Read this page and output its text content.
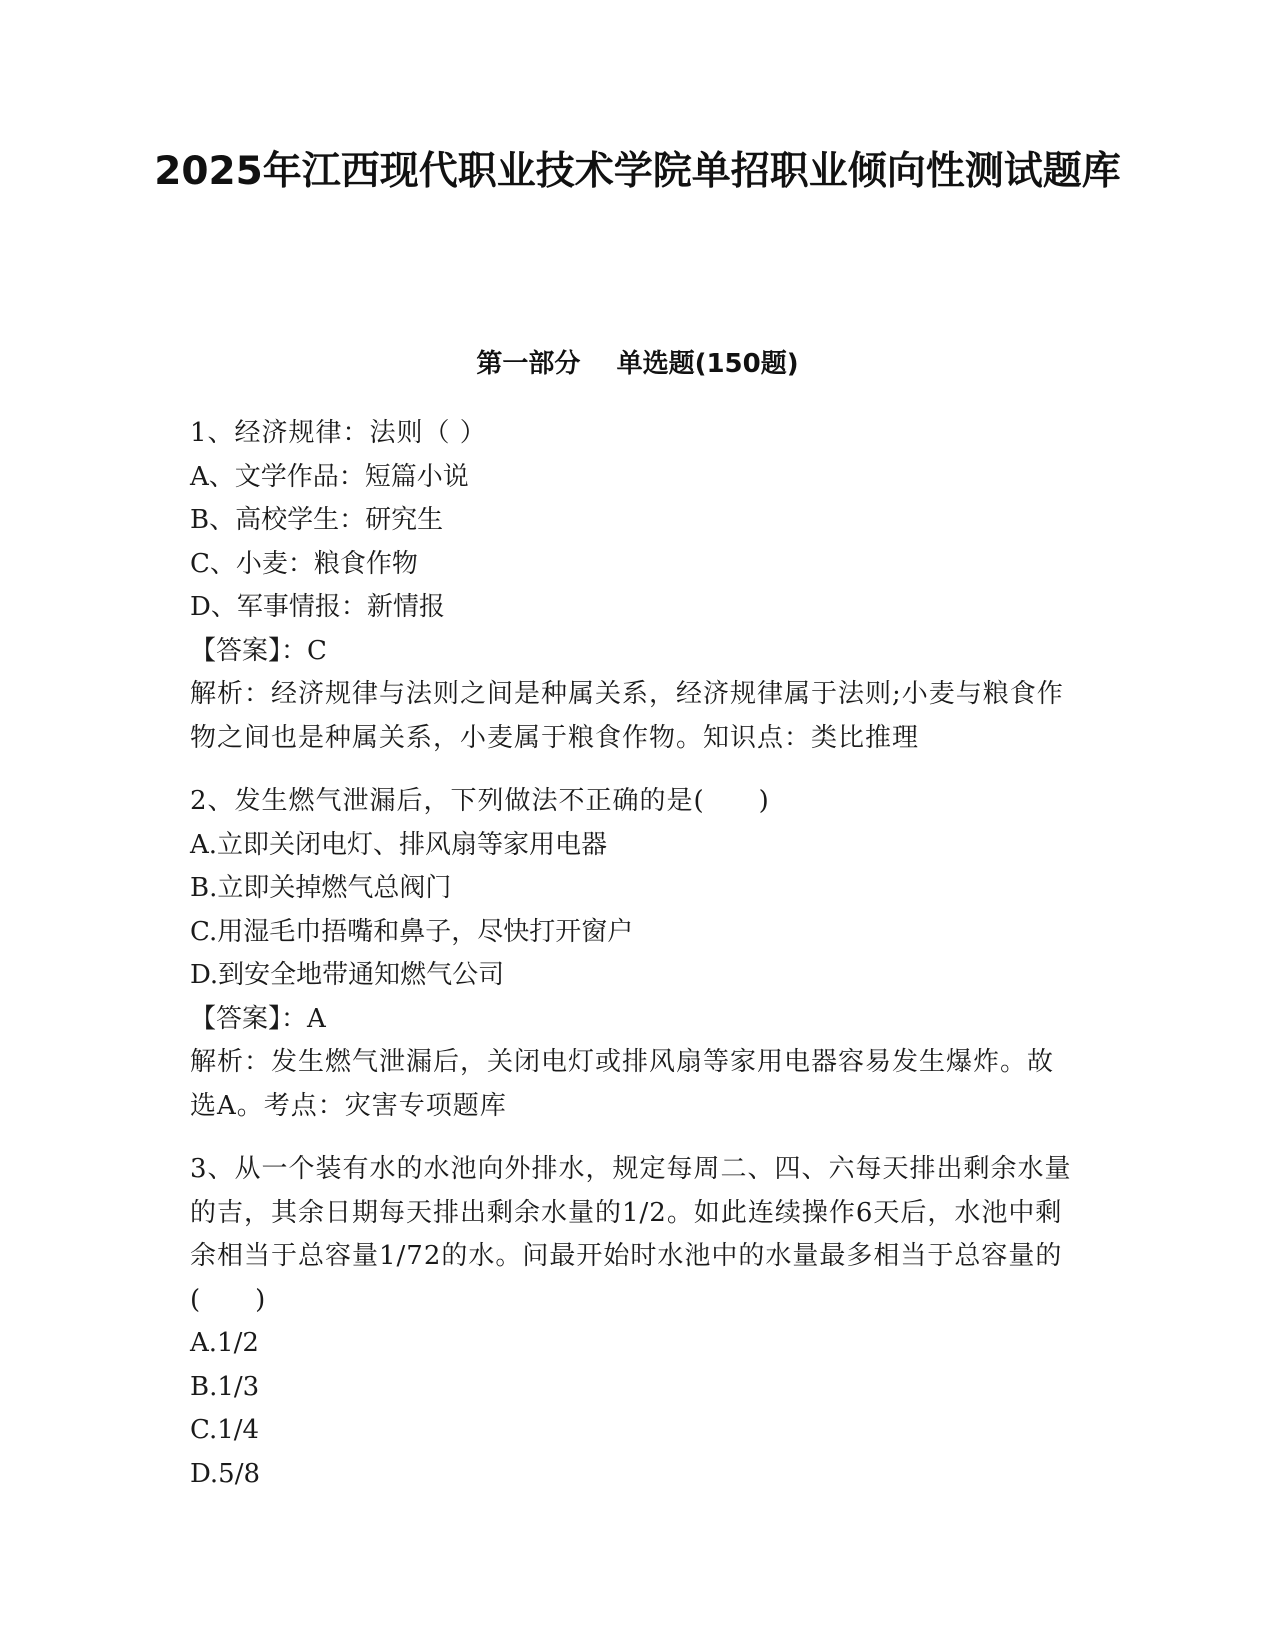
2025年江西现代职业技术学院单招职业倾向性测试题库
第一部分    单选题(150题)

1、经济规律：法则（ ）

A、文学作品：短篇小说

B、高校学生：研究生

C、小麦：粮食作物

D、军事情报：新情报

【答案】：C

解析：经济规律与法则之间是种属关系，经济规律属于法则;小麦与粮食作物之间也是种属关系，小麦属于粮食作物。知识点：类比推理

2、发生燃气泄漏后，下列做法不正确的是(　　)

A.立即关闭电灯、排风扇等家用电器

B.立即关掉燃气总阀门

C.用湿毛巾捂嘴和鼻子，尽快打开窗户

D.到安全地带通知燃气公司

【答案】：A

解析：发生燃气泄漏后，关闭电灯或排风扇等家用电器容易发生爆炸。故选A。考点：灾害专项题库

3、从一个装有水的水池向外排水，规定每周二、四、六每天排出剩余水量的吉，其余日期每天排出剩余水量的1/2。如此连续操作6天后，水池中剩余相当于总容量1/72的水。问最开始时水池中的水量最多相当于总容量的(　　)

A.1/2

B.1/3

C.1/4

D.5/8
